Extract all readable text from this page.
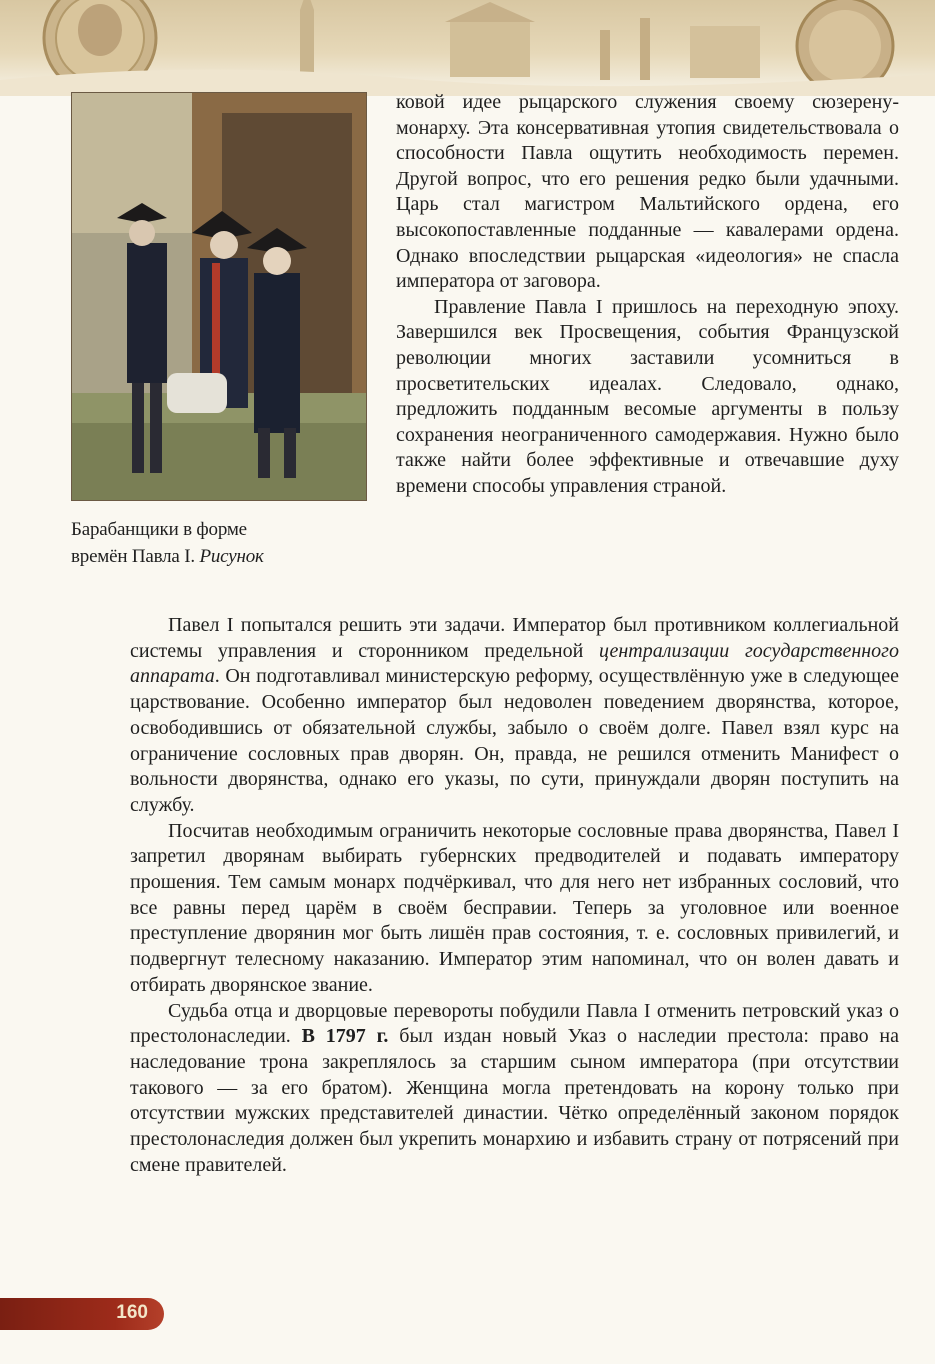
Барабанщики в форме
времён Павла I. Рисунок

ковой идее рыцарского служения своему сюзерену-монарху. Эта консервативная утопия свидетельствовала о способности Павла ощутить необходимость перемен. Другой вопрос, что его решения редко были удачными. Царь стал магистром Мальтийского ордена, его высокопоставленные подданные — кавалерами ордена. Однако впоследствии рыцарская «идеология» не спасла императора от заговора.

Правление Павла I пришлось на переходную эпоху. Завершился век Просвещения, события Французской революции многих заставили усомниться в просветительских идеалах. Следовало, однако, предложить подданным весомые аргументы в пользу сохранения неограниченного самодержавия. Нужно было также найти более эффективные и отвечавшие духу времени способы управления страной.

Павел I попытался решить эти задачи. Император был противником коллегиальной системы управления и сторонником предельной централизации государственного аппарата. Он подготавливал министерскую реформу, осуществлённую уже в следующее царствование. Особенно император был недоволен поведением дворянства, которое, освободившись от обязательной службы, забыло о своём долге. Павел взял курс на ограничение сословных прав дворян. Он, правда, не решился отменить Манифест о вольности дворянства, однако его указы, по сути, принуждали дворян поступить на службу.

Посчитав необходимым ограничить некоторые сословные права дворянства, Павел I запретил дворянам выбирать губернских предводителей и подавать императору прошения. Тем самым монарх подчёркивал, что для него нет избранных сословий, что все равны перед царём в своём бесправии. Теперь за уголовное или военное преступление дворянин мог быть лишён прав состояния, т. е. сословных привилегий, и подвергнут телесному наказанию. Император этим напоминал, что он волен давать и отбирать дворянское звание.

Судьба отца и дворцовые перевороты побудили Павла I отменить петровский указ о престолонаследии. В 1797 г. был издан новый Указ о наследии престола: право на наследование трона закреплялось за старшим сыном императора (при отсутствии такового — за его братом). Женщина могла претендовать на корону только при отсутствии мужских представителей династии. Чётко определённый законом порядок престолонаследия должен был укрепить монархию и избавить страну от потрясений при смене правителей.

160
